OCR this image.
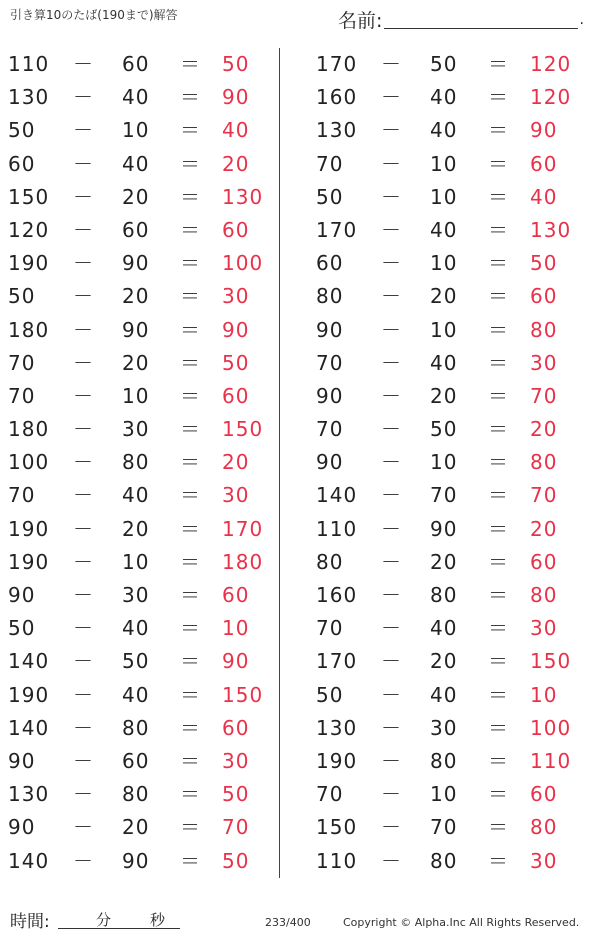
引き算10のたば(190まで)解答	名前:	.
110 － 60 ＝ 50
130 － 40 ＝ 90
50 － 10 ＝ 40
60 － 40 ＝ 20
150 － 20 ＝ 130
120 － 60 ＝ 60
190 － 90 ＝ 100
50 － 20 ＝ 30
180 － 90 ＝ 90
70 － 20 ＝ 50
70 － 10 ＝ 60
180 － 30 ＝ 150
100 － 80 ＝ 20
70 － 40 ＝ 30
190 － 20 ＝ 170
190 － 10 ＝ 180
90 － 30 ＝ 60
50 － 40 ＝ 10
140 － 50 ＝ 90
190 － 40 ＝ 150
140 － 80 ＝ 60
90 － 60 ＝ 30
130 － 80 ＝ 50
90 － 20 ＝ 70
140 － 90 ＝ 50
170 － 50 ＝ 120
160 － 40 ＝ 120
130 － 40 ＝ 90
70 － 10 ＝ 60
50 － 10 ＝ 40
170 － 40 ＝ 130
60 － 10 ＝ 50
80 － 20 ＝ 60
90 － 10 ＝ 80
70 － 40 ＝ 30
90 － 20 ＝ 70
70 － 50 ＝ 20
90 － 10 ＝ 80
140 － 70 ＝ 70
110 － 90 ＝ 20
80 － 20 ＝ 60
160 － 80 ＝ 80
70 － 40 ＝ 30
170 － 20 ＝ 150
50 － 40 ＝ 10
130 － 30 ＝ 100
190 － 80 ＝ 110
70 － 10 ＝ 60
150 － 70 ＝ 80
110 － 80 ＝ 30
時間:	分	秒	233/400	Copyright © Alpha.Inc All Rights Reserved.
